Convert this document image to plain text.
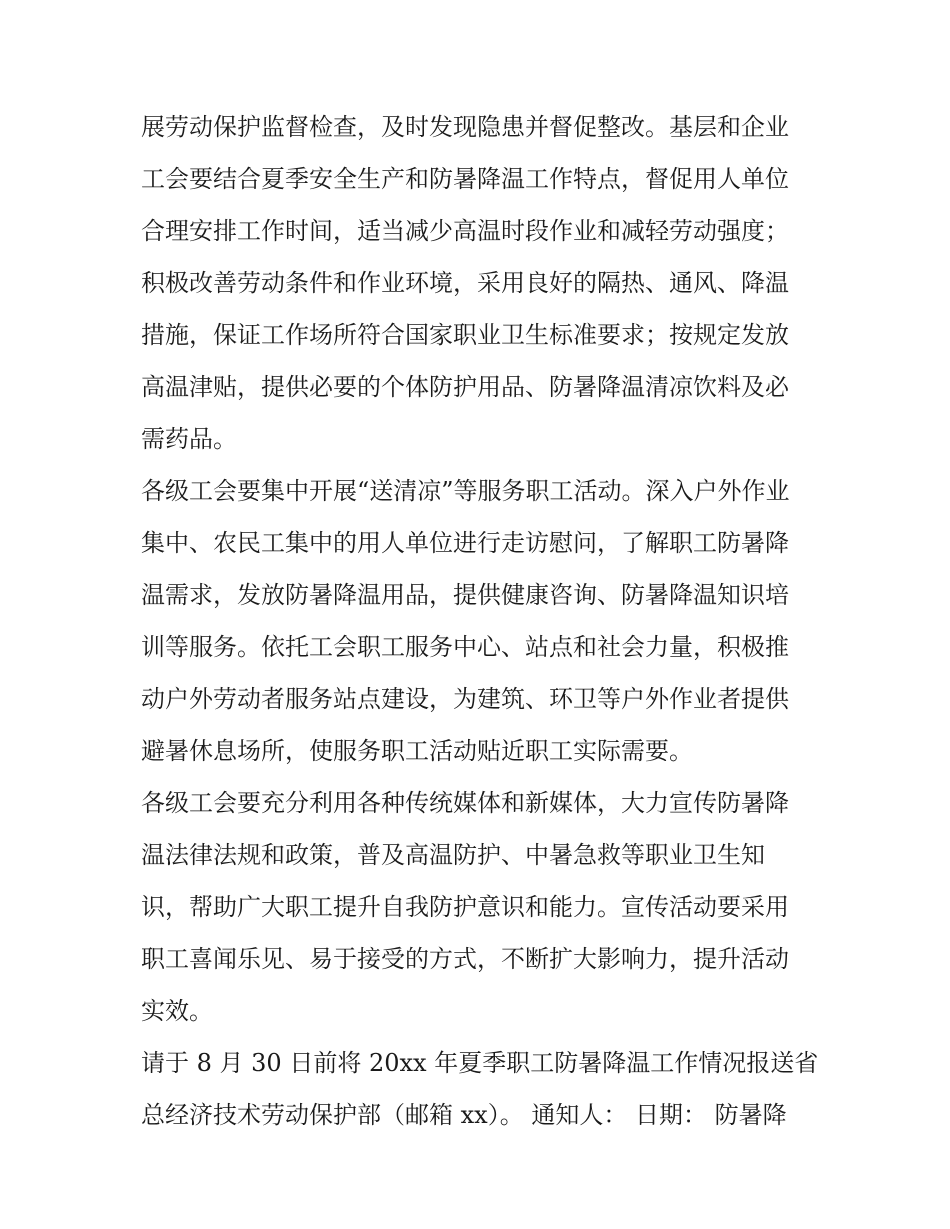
展劳动保护监督检查，及时发现隐患并督促整改。基层和企业
工会要结合夏季安全生产和防暑降温工作特点，督促用人单位
合理安排工作时间，适当减少高温时段作业和减轻劳动强度；
积极改善劳动条件和作业环境，采用良好的隔热、通风、降温
措施，保证工作场所符合国家职业卫生标准要求；按规定发放
高温津贴，提供必要的个体防护用品、防暑降温清凉饮料及必
需药品。
各级工会要集中开展“送清凉”等服务职工活动。深入户外作业
集中、农民工集中的用人单位进行走访慰问，了解职工防暑降
温需求，发放防暑降温用品，提供健康咨询、防暑降温知识培
训等服务。依托工会职工服务中心、站点和社会力量，积极推
动户外劳动者服务站点建设，为建筑、环卫等户外作业者提供
避暑休息场所，使服务职工活动贴近职工实际需要。
各级工会要充分利用各种传统媒体和新媒体，大力宣传防暑降
温法律法规和政策，普及高温防护、中暑急救等职业卫生知
识，帮助广大职工提升自我防护意识和能力。宣传活动要采用
职工喜闻乐见、易于接受的方式，不断扩大影响力，提升活动
实效。
请于 8 月 30 日前将 20xx 年夏季职工防暑降温工作情况报送省
总经济技术劳动保护部（邮箱 xx）。 通知人： 日期： 防暑降
